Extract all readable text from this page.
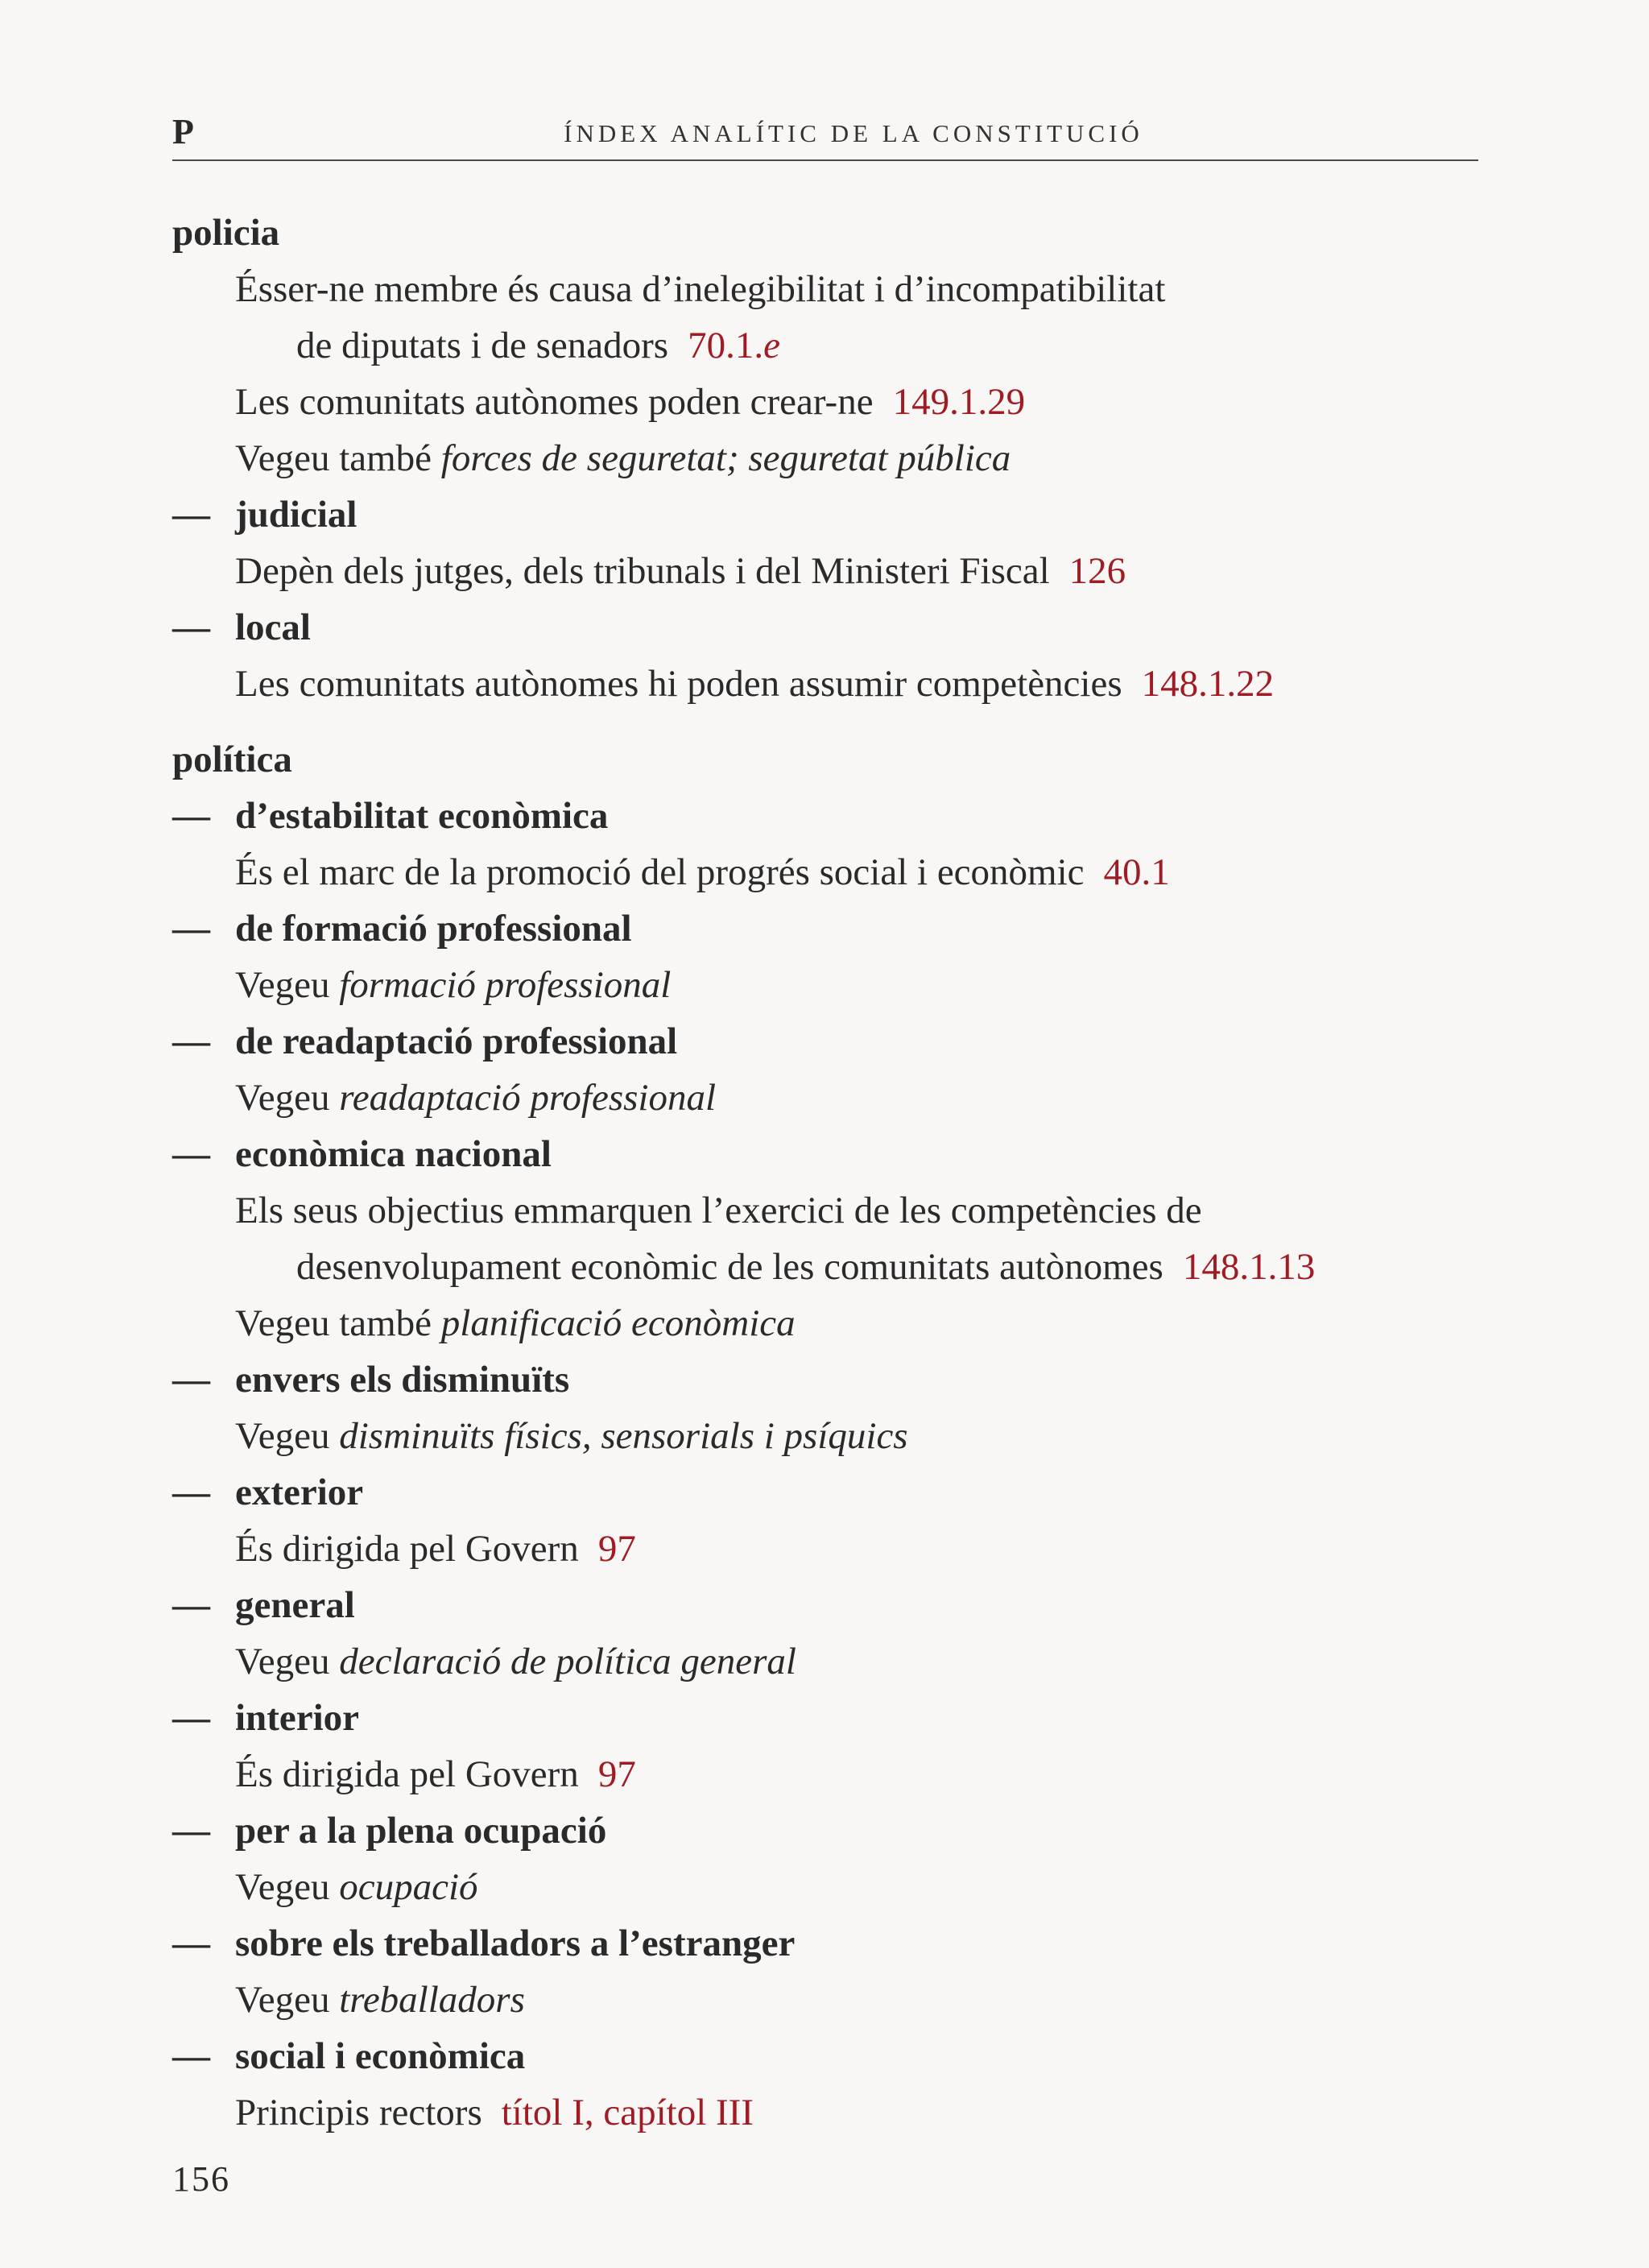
P	ÍNDEX ANALÍTIC DE LA CONSTITUCIÓ
policia
Ésser-ne membre és causa d’inelegibilitat i d’incompatibilitat
de diputats i de senadors 70.1.e
Les comunitats autònomes poden crear-ne 149.1.29
Vegeu també forces de seguretat; seguretat pública
— judicial
Depèn dels jutges, dels tribunals i del Ministeri Fiscal 126
— local
Les comunitats autònomes hi poden assumir competències 148.1.22
política
— d’estabilitat econòmica
És el marc de la promoció del progrés social i econòmic 40.1
— de formació professional
Vegeu formació professional
— de readaptació professional
Vegeu readaptació professional
— econòmica nacional
Els seus objectius emmarquen l’exercici de les competències de
desenvolupament econòmic de les comunitats autònomes 148.1.13
Vegeu també planificació econòmica
— envers els disminuïts
Vegeu disminuïts físics, sensorials i psíquics
— exterior
És dirigida pel Govern 97
— general
Vegeu declaració de política general
— interior
És dirigida pel Govern 97
— per a la plena ocupació
Vegeu ocupació
— sobre els treballadors a l’estranger
Vegeu treballadors
— social i econòmica
Principis rectors títol I, capítol III
156
